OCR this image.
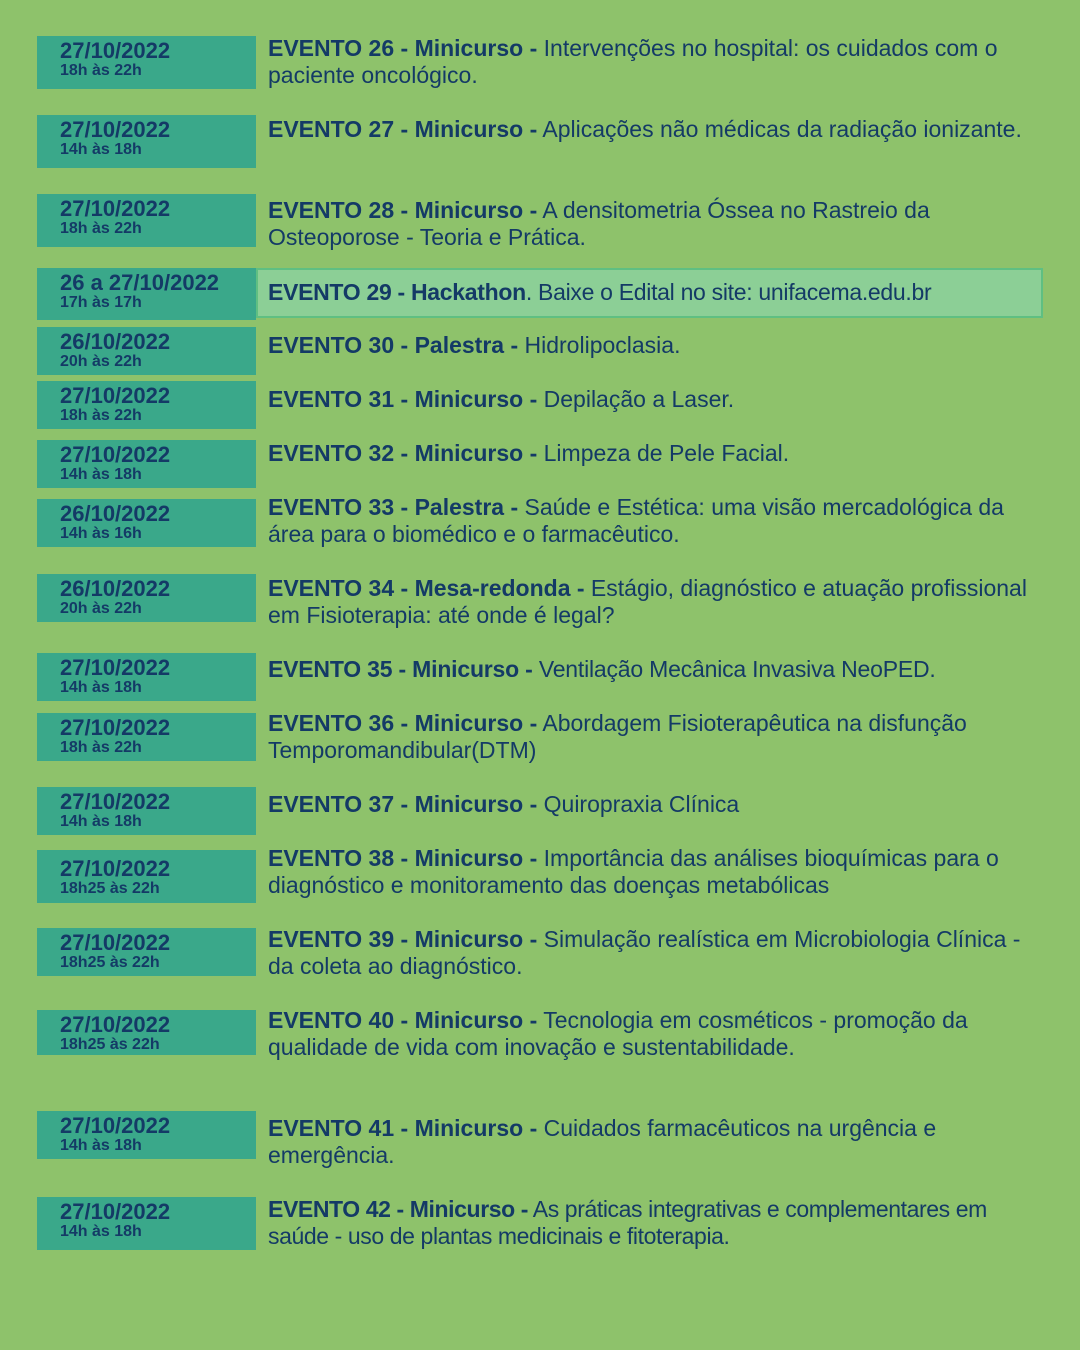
27/10/2022
18h às 22h
EVENTO 26 - Minicurso - Intervenções no hospital: os cuidados com o paciente oncológico.
27/10/2022
14h às 18h
EVENTO 27 - Minicurso - Aplicações não médicas da radiação ionizante.
27/10/2022
18h às 22h
EVENTO 28 - Minicurso - A densitometria Óssea no Rastreio da Osteoporose - Teoria e Prática.
26 a 27/10/2022
17h às 17h	EVENTO 29 - Hackathon. Baixe o Edital no site: unifacema.edu.br
26/10/2022
20h às 22h
EVENTO 30 - Palestra - Hidrolipoclasia.
27/10/2022
18h às 22h
EVENTO 31 - Minicurso - Depilação a Laser.
27/10/2022
14h às 18h
EVENTO 32 - Minicurso - Limpeza de Pele Facial.
26/10/2022
14h às 16h
EVENTO 33 - Palestra - Saúde e Estética: uma visão mercadológica da área para o biomédico e o farmacêutico.
26/10/2022
20h às 22h
EVENTO 34 - Mesa-redonda - Estágio, diagnóstico e atuação profissional em Fisioterapia: até onde é legal?
27/10/2022
14h às 18h
EVENTO 35 - Minicurso - Ventilação Mecânica Invasiva NeoPED.
27/10/2022
18h às 22h
EVENTO 36 - Minicurso - Abordagem Fisioterapêutica na disfunção Temporomandibular(DTM)
27/10/2022
14h às 18h
EVENTO 37 - Minicurso - Quiropraxia Clínica
27/10/2022
18h25 às 22h
EVENTO 38 - Minicurso - Importância das análises bioquímicas para o diagnóstico e monitoramento das doenças metabólicas
27/10/2022
18h25 às 22h
EVENTO 39 - Minicurso - Simulação realística em Microbiologia Clínica - da coleta ao diagnóstico.
27/10/2022
18h25 às 22h
EVENTO 40 - Minicurso - Tecnologia em cosméticos - promoção da qualidade de vida com inovação e sustentabilidade.
27/10/2022
14h às 18h
EVENTO 41 - Minicurso - Cuidados farmacêuticos na urgência e emergência.
27/10/2022
14h às 18h
EVENTO 42 - Minicurso - As práticas integrativas e complementares em saúde - uso de plantas medicinais e fitoterapia.
